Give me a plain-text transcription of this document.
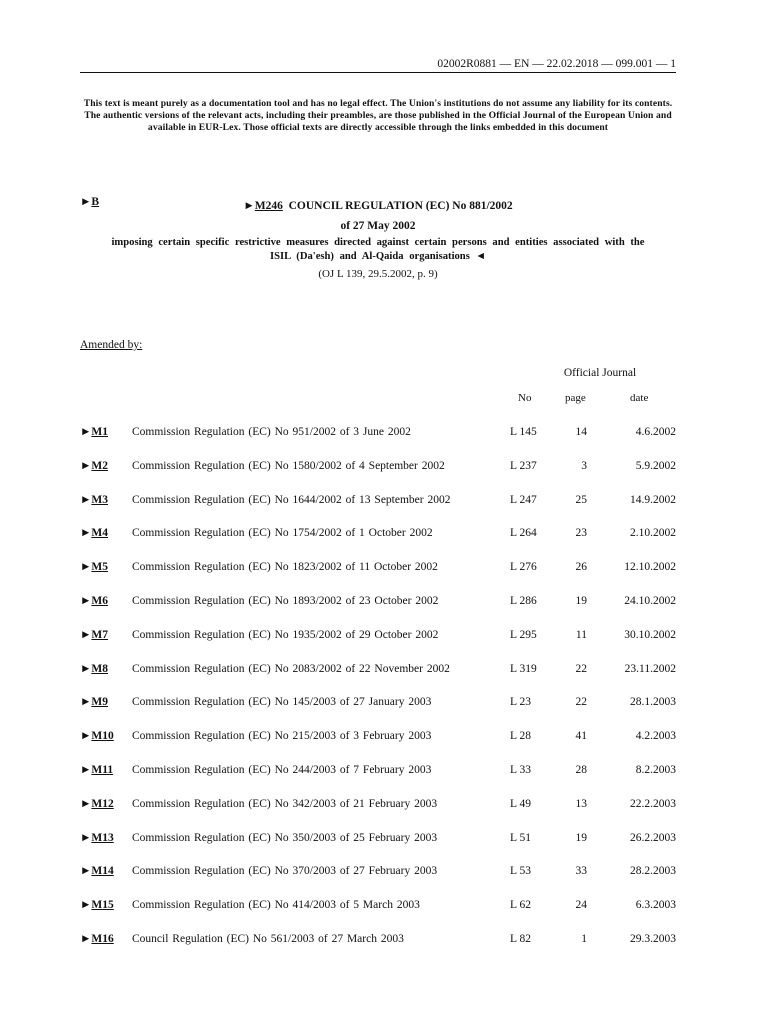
02002R0881 — EN — 22.02.2018 — 099.001 — 1
This text is meant purely as a documentation tool and has no legal effect. The Union's institutions do not assume any liability for its contents. The authentic versions of the relevant acts, including their preambles, are those published in the Official Journal of the European Union and available in EUR-Lex. Those official texts are directly accessible through the links embedded in this document
►B	►M246 COUNCIL REGULATION (EC) No 881/2002
of 27 May 2002
imposing certain specific restrictive measures directed against certain persons and entities associated with the ISIL (Da'esh) and Al-Qaida organisations ◄
(OJ L 139, 29.5.2002, p. 9)
Amended by:
Official Journal
No	page	date
►M1 Commission Regulation (EC) No 951/2002 of 3 June 2002	L 145	14	4.6.2002
►M2 Commission Regulation (EC) No 1580/2002 of 4 September 2002	L 237	3	5.9.2002
►M3 Commission Regulation (EC) No 1644/2002 of 13 September 2002	L 247	25	14.9.2002
►M4 Commission Regulation (EC) No 1754/2002 of 1 October 2002	L 264	23	2.10.2002
►M5 Commission Regulation (EC) No 1823/2002 of 11 October 2002	L 276	26	12.10.2002
►M6 Commission Regulation (EC) No 1893/2002 of 23 October 2002	L 286	19	24.10.2002
►M7 Commission Regulation (EC) No 1935/2002 of 29 October 2002	L 295	11	30.10.2002
►M8 Commission Regulation (EC) No 2083/2002 of 22 November 2002	L 319	22	23.11.2002
►M9 Commission Regulation (EC) No 145/2003 of 27 January 2003	L 23	22	28.1.2003
►M10 Commission Regulation (EC) No 215/2003 of 3 February 2003	L 28	41	4.2.2003
►M11 Commission Regulation (EC) No 244/2003 of 7 February 2003	L 33	28	8.2.2003
►M12 Commission Regulation (EC) No 342/2003 of 21 February 2003	L 49	13	22.2.2003
►M13 Commission Regulation (EC) No 350/2003 of 25 February 2003	L 51	19	26.2.2003
►M14 Commission Regulation (EC) No 370/2003 of 27 February 2003	L 53	33	28.2.2003
►M15 Commission Regulation (EC) No 414/2003 of 5 March 2003	L 62	24	6.3.2003
►M16 Council Regulation (EC) No 561/2003 of 27 March 2003	L 82	1	29.3.2003
